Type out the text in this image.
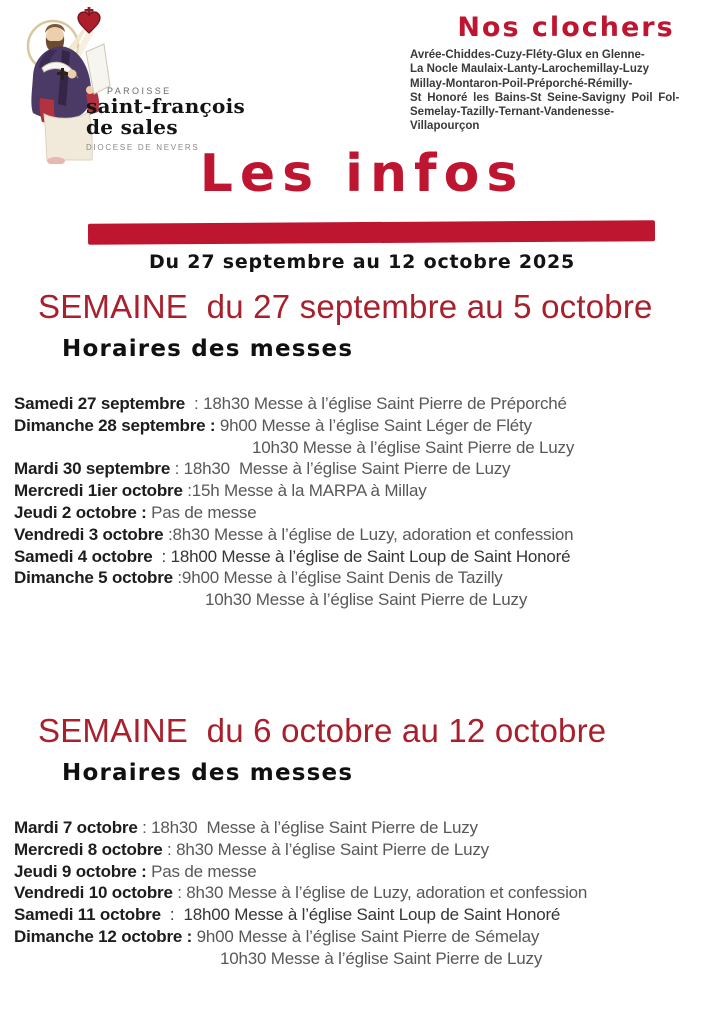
PAROISSE
saint-françois
de sales
DIOCESE DE NEVERS
Nos clochers
Avrée-Chiddes-Cuzy-Fléty-Glux en Glenne-
La Nocle Maulaix-Lanty-Larochemillay-Luzy
Millay-Montaron-Poil-Préporché-Rémilly-
St Honoré les Bains-St Seine-Savigny Poil Fol-
Semelay-Tazilly-Ternant-Vandenesse-
Villapourçon
Les infos
Du 27 septembre au 12 octobre 2025
SEMAINE  du 27 septembre au 5 octobre
Horaires des messes
Samedi 27 septembre  : 18h30 Messe à l’église Saint Pierre de Préporché
Dimanche 28 septembre : 9h00 Messe à l’église Saint Léger de Fléty
10h30 Messe à l’église Saint Pierre de Luzy
Mardi 30 septembre : 18h30  Messe à l’église Saint Pierre de Luzy
Mercredi 1ier octobre :15h Messe à la MARPA à Millay
Jeudi 2 octobre : Pas de messe
Vendredi 3 octobre :8h30 Messe à l’église de Luzy, adoration et confession
Samedi 4 octobre  : 18h00 Messe à l’église de Saint Loup de Saint Honoré
Dimanche 5 octobre :9h00 Messe à l’église Saint Denis de Tazilly
10h30 Messe à l’église Saint Pierre de Luzy
SEMAINE  du 6 octobre au 12 octobre
Horaires des messes
Mardi 7 octobre : 18h30  Messe à l’église Saint Pierre de Luzy
Mercredi 8 octobre : 8h30 Messe à l’église Saint Pierre de Luzy
Jeudi 9 octobre : Pas de messe
Vendredi 10 octobre : 8h30 Messe à l’église de Luzy, adoration et confession
Samedi 11 octobre  :  18h00 Messe à l’église Saint Loup de Saint Honoré
Dimanche 12 octobre : 9h00 Messe à l’église Saint Pierre de Sémelay
10h30 Messe à l’église Saint Pierre de Luzy
